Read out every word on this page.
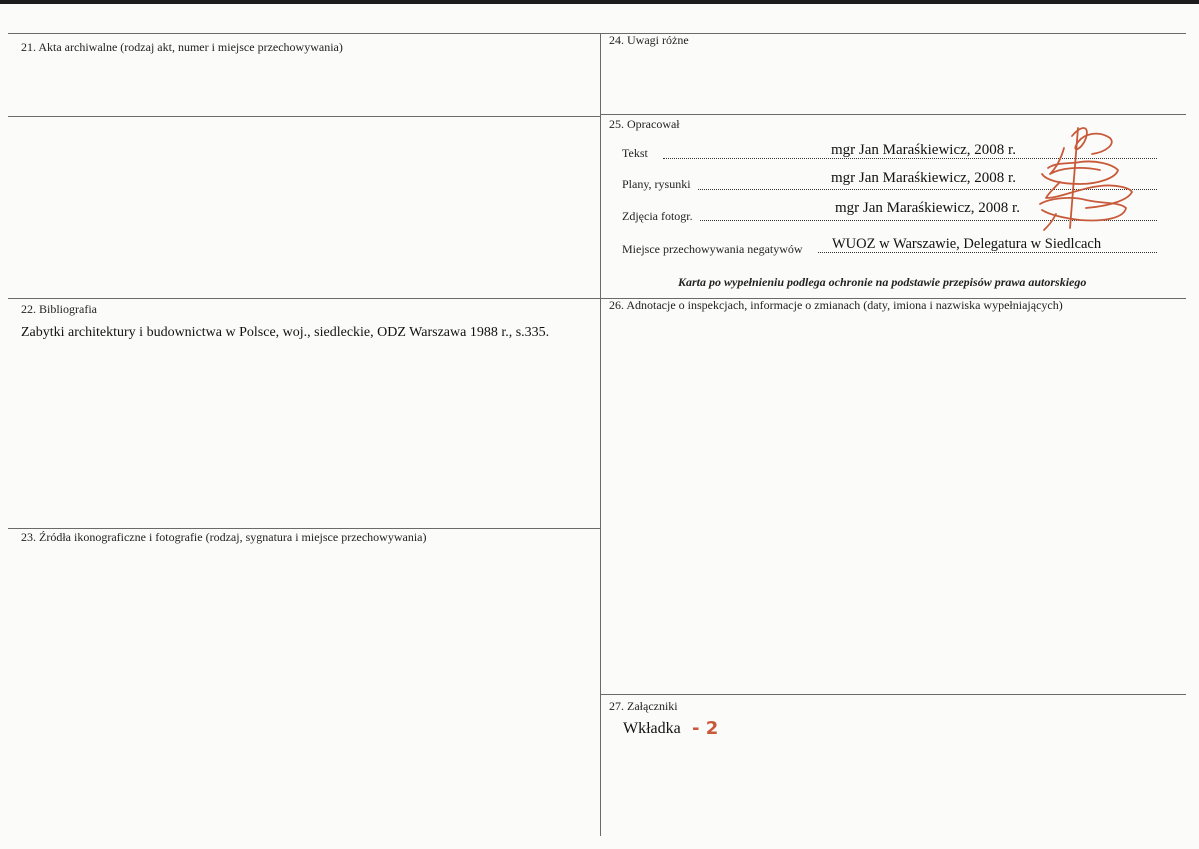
21. Akta archiwalne (rodzaj akt, numer i miejsce przechowywania)
22. Bibliografia
Zabytki architektury i budownictwa w Polsce, woj., siedleckie, ODZ Warszawa 1988 r., s.335.
23. Źródła ikonograficzne i fotografie (rodzaj, sygnatura i miejsce przechowywania)
24. Uwagi różne
25. Opracował
Tekst	mgr Jan Maraśkiewicz, 2008 r.
Plany, rysunki	mgr Jan Maraśkiewicz, 2008 r.
Zdjęcia fotogr.	mgr Jan Maraśkiewicz, 2008 r.
Miejsce przechowywania negatywów WUOZ w Warszawie, Delegatura w Siedlcach
Karta po wypełnieniu podlega ochronie na podstawie przepisów prawa autorskiego
26. Adnotacje o inspekcjach, informacje o zmianach (daty, imiona i nazwiska wypełniających)
27. Załączniki
Wkładka - 2
